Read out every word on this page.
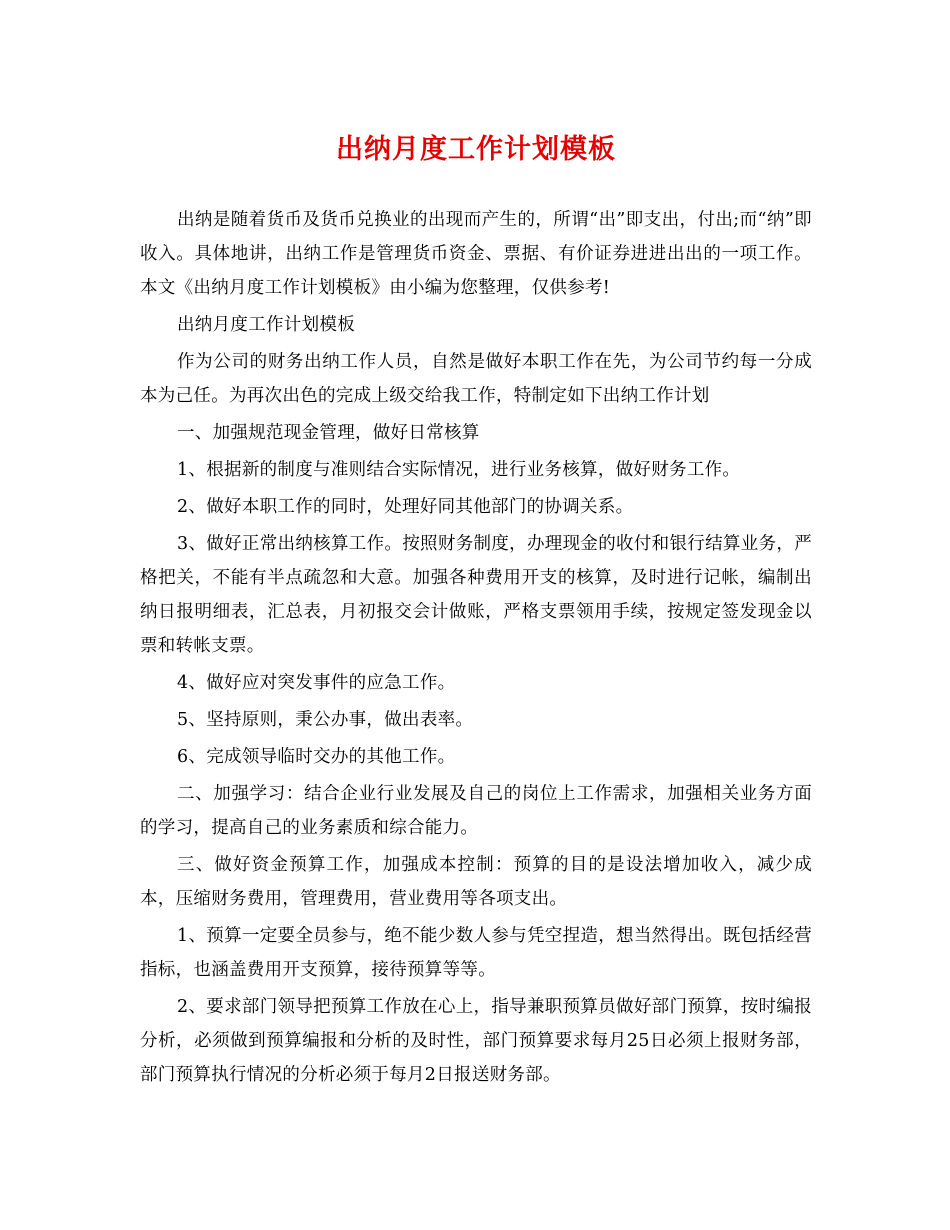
出纳月度工作计划模板

出纳是随着货币及货币兑换业的出现而产生的，所谓“出”即支出，付出;而“纳”即收入。具体地讲，出纳工作是管理货币资金、票据、有价证券进进出出的一项工作。本文《出纳月度工作计划模板》由小编为您整理，仅供参考!

出纳月度工作计划模板

作为公司的财务出纳工作人员，自然是做好本职工作在先，为公司节约每一分成本为己任。为再次出色的完成上级交给我工作，特制定如下出纳工作计划

一、加强规范现金管理，做好日常核算

1、根据新的制度与准则结合实际情况，进行业务核算，做好财务工作。

2、做好本职工作的同时，处理好同其他部门的协调关系。

3、做好正常出纳核算工作。按照财务制度，办理现金的收付和银行结算业务，严格把关，不能有半点疏忽和大意。加强各种费用开支的核算，及时进行记帐，编制出纳日报明细表，汇总表，月初报交会计做账，严格支票领用手续，按规定签发现金以票和转帐支票。

4、做好应对突发事件的应急工作。

5、坚持原则，秉公办事，做出表率。

6、完成领导临时交办的其他工作。

二、加强学习：结合企业行业发展及自己的岗位上工作需求，加强相关业务方面的学习，提高自己的业务素质和综合能力。

三、做好资金预算工作，加强成本控制：预算的目的是设法增加收入，减少成本，压缩财务费用，管理费用，营业费用等各项支出。

1、预算一定要全员参与，绝不能少数人参与凭空捏造，想当然得出。既包括经营指标，也涵盖费用开支预算，接待预算等等。

2、要求部门领导把预算工作放在心上，指导兼职预算员做好部门预算，按时编报分析，必须做到预算编报和分析的及时性，部门预算要求每月25日必须上报财务部，部门预算执行情况的分析必须于每月2日报送财务部。
